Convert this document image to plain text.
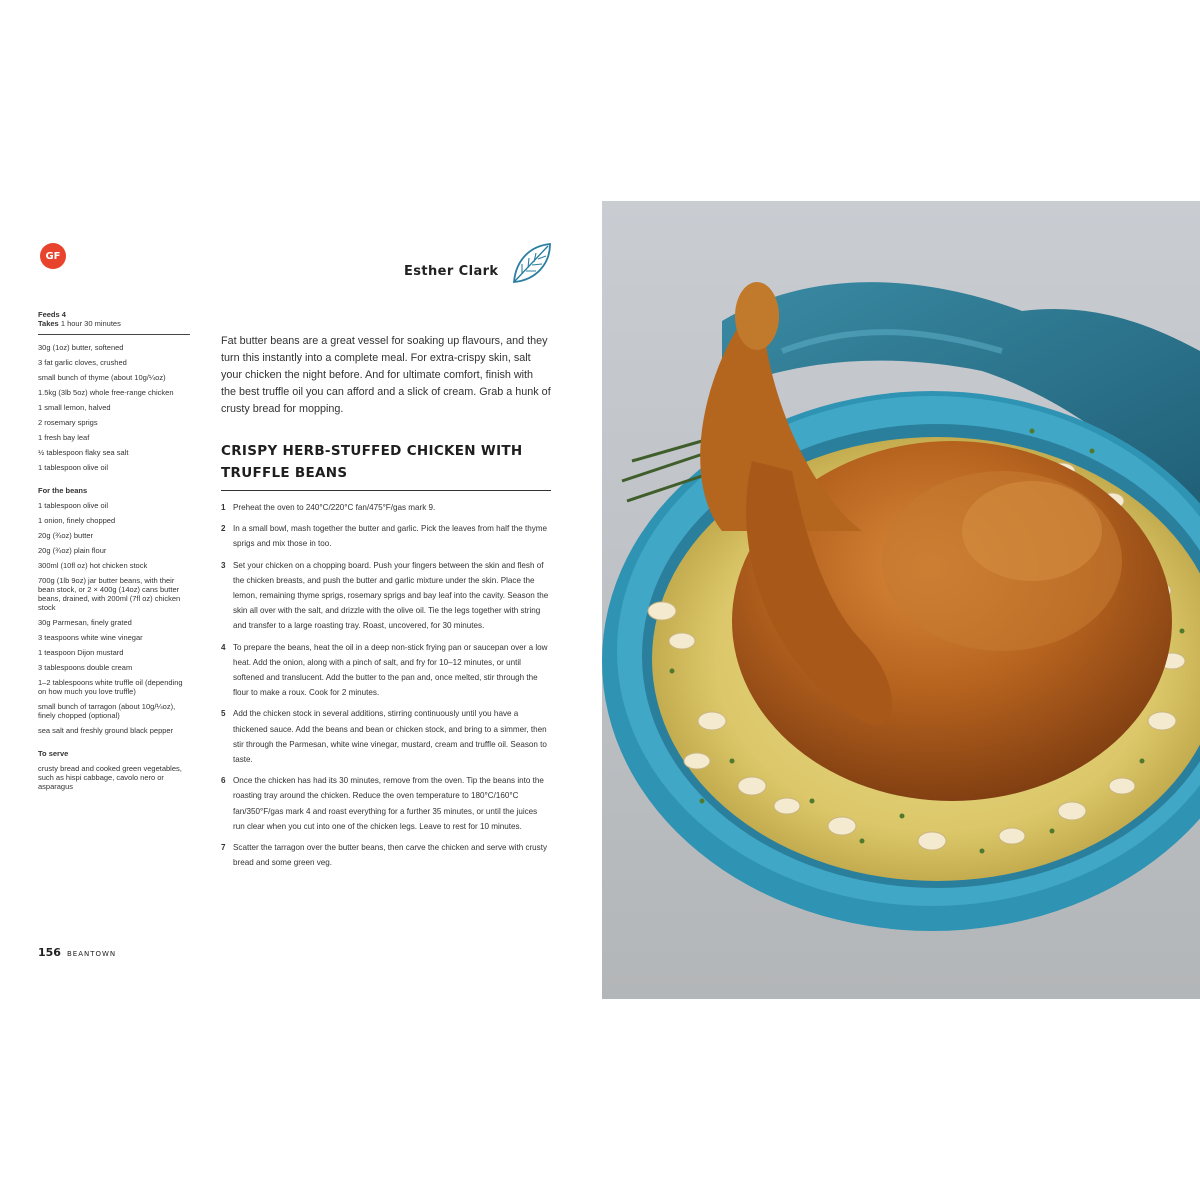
GF
Esther Clark
Feeds 4
Takes 1 hour 30 minutes
30g (1oz) butter, softened
3 fat garlic cloves, crushed
small bunch of thyme (about 10g/¼oz)
1.5kg (3lb 5oz) whole free-range chicken
1 small lemon, halved
2 rosemary sprigs
1 fresh bay leaf
½ tablespoon flaky sea salt
1 tablespoon olive oil
For the beans
1 tablespoon olive oil
1 onion, finely chopped
20g (¾oz) butter
20g (¾oz) plain flour
300ml (10fl oz) hot chicken stock
700g (1lb 9oz) jar butter beans, with their bean stock, or 2 × 400g (14oz) cans butter beans, drained, with 200ml (7fl oz) chicken stock
30g Parmesan, finely grated
3 teaspoons white wine vinegar
1 teaspoon Dijon mustard
3 tablespoons double cream
1–2 tablespoons white truffle oil (depending on how much you love truffle)
small bunch of tarragon (about 10g/¼oz), finely chopped (optional)
sea salt and freshly ground black pepper
To serve
crusty bread and cooked green vegetables, such as hispi cabbage, cavolo nero or asparagus
Fat butter beans are a great vessel for soaking up flavours, and they turn this instantly into a complete meal. For extra-crispy skin, salt your chicken the night before. And for ultimate comfort, finish with the best truffle oil you can afford and a slick of cream. Grab a hunk of crusty bread for mopping.
CRISPY HERB-STUFFED CHICKEN WITH TRUFFLE BEANS
1 Preheat the oven to 240°C/220°C fan/475°F/gas mark 9.
2 In a small bowl, mash together the butter and garlic. Pick the leaves from half the thyme sprigs and mix those in too.
3 Set your chicken on a chopping board. Push your fingers between the skin and flesh of the chicken breasts, and push the butter and garlic mixture under the skin. Place the lemon, remaining thyme sprigs, rosemary sprigs and bay leaf into the cavity. Season the skin all over with the salt, and drizzle with the olive oil. Tie the legs together with string and transfer to a large roasting tray. Roast, uncovered, for 30 minutes.
4 To prepare the beans, heat the oil in a deep non-stick frying pan or saucepan over a low heat. Add the onion, along with a pinch of salt, and fry for 10–12 minutes, or until softened and translucent. Add the butter to the pan and, once melted, stir through the flour to make a roux. Cook for 2 minutes.
5 Add the chicken stock in several additions, stirring continuously until you have a thickened sauce. Add the beans and bean or chicken stock, and bring to a simmer, then stir through the Parmesan, white wine vinegar, mustard, cream and truffle oil. Season to taste.
6 Once the chicken has had its 30 minutes, remove from the oven. Tip the beans into the roasting tray around the chicken. Reduce the oven temperature to 180°C/160°C fan/350°F/gas mark 4 and roast everything for a further 35 minutes, or until the juices run clear when you cut into one of the chicken legs. Leave to rest for 10 minutes.
7 Scatter the tarragon over the butter beans, then carve the chicken and serve with crusty bread and some green veg.
156 BEANTOWN
